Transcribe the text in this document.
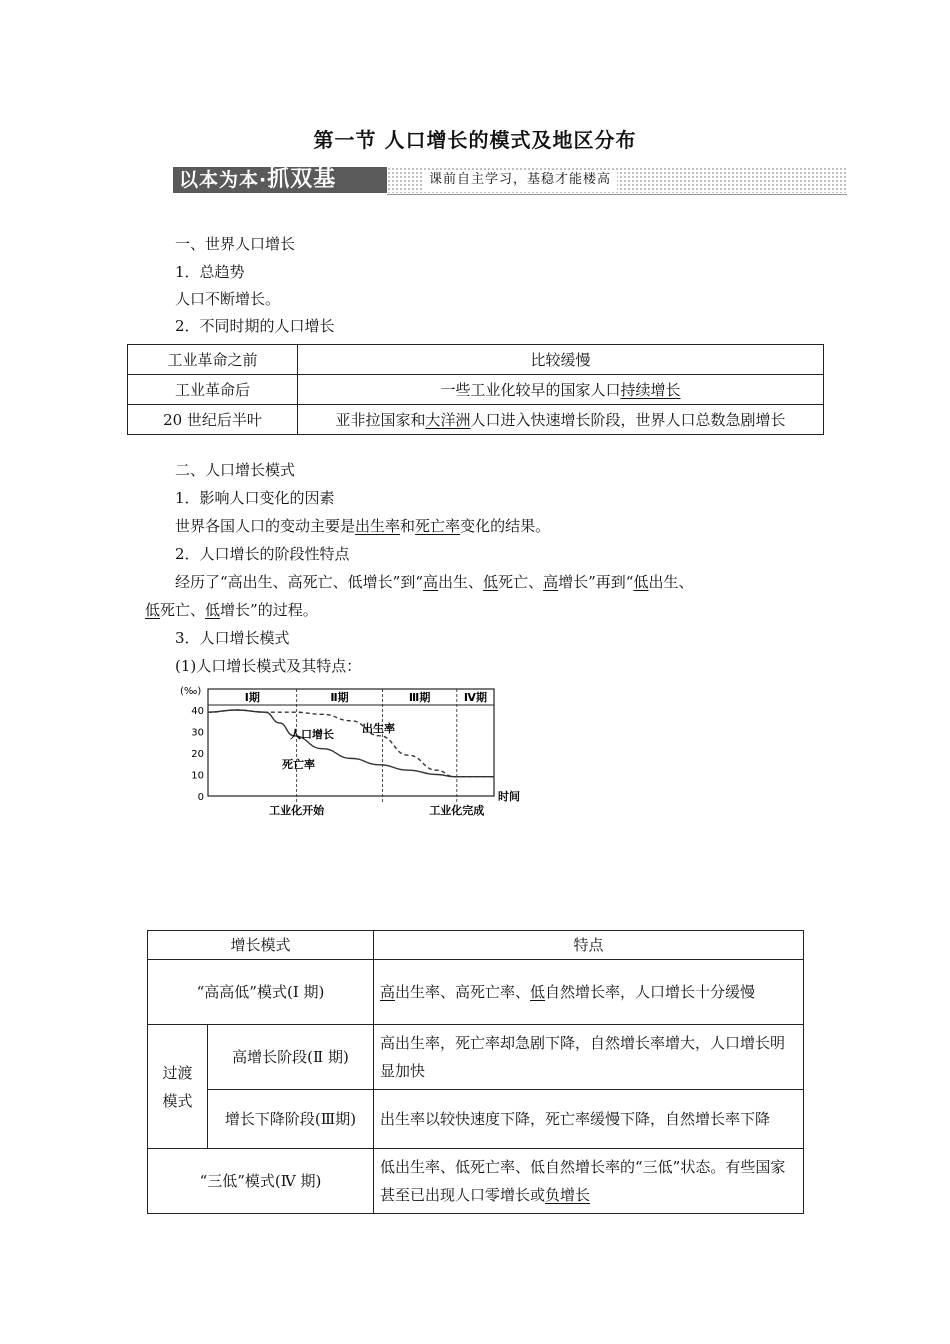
第一节 人口增长的模式及地区分布
以本为本·抓双基	课前自主学习，基稳才能楼高
一、世界人口增长
1．总趋势
人口不断增长。
2．不同时期的人口增长
工业革命之前	比较缓慢
工业革命后	一些工业化较早的国家人口持续增长
20 世纪后半叶	亚非拉国家和大洋洲人口进入快速增长阶段，世界人口总数急剧增长
二、人口增长模式
1．影响人口变化的因素
世界各国人口的变动主要是出生率和死亡率变化的结果。
2．人口增长的阶段性特点
经历了“高出生、高死亡、低增长”到“高出生、低死亡、高增长”再到“低出生、
低死亡、低增长”的过程。
3．人口增长模式
(1)人口增长模式及其特点：
0
10
20
30
40
(‰)
时间
Ⅰ期	Ⅱ期	Ⅲ期	Ⅳ期
人口增长	出生率
死亡率
工业化开始	工业化完成
增长模式		特点
“高高低”模式(Ⅰ 期)		高出生率、高死亡率、低自然增长率，人口增长十分缓慢
过渡模式	高增长阶段(Ⅱ 期)	高出生率，死亡率却急剧下降，自然增长率增大，人口增长明显加快
	增长下降阶段(Ⅲ期)	出生率以较快速度下降，死亡率缓慢下降，自然增长率下降
“三低”模式(Ⅳ 期)		低出生率、低死亡率、低自然增长率的“三低”状态。有些国家甚至已出现人口零增长或负增长
